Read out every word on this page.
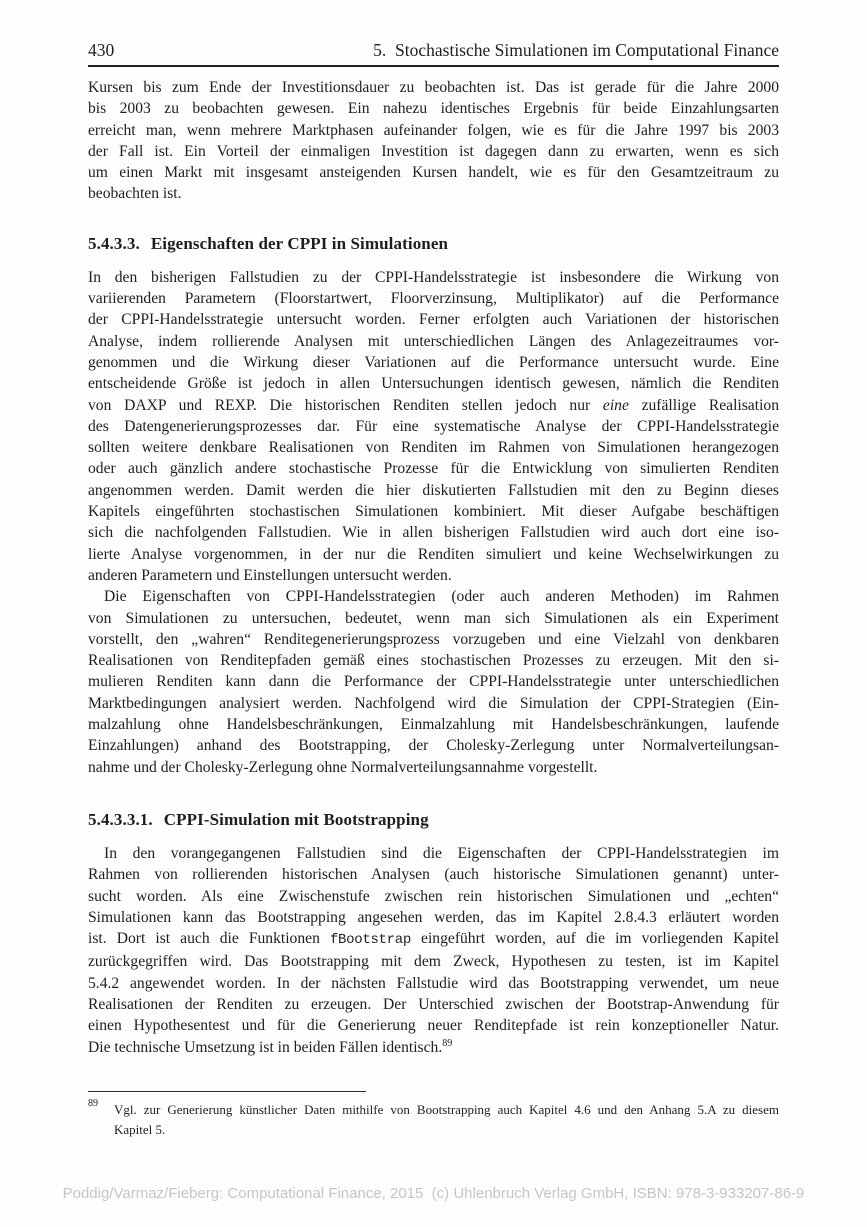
430	5.  Stochastische Simulationen im Computational Finance
Kursen bis zum Ende der Investitionsdauer zu beobachten ist. Das ist gerade für die Jahre 2000
bis 2003 zu beobachten gewesen. Ein nahezu identisches Ergebnis für beide Einzahlungsarten
erreicht man, wenn mehrere Marktphasen aufeinander folgen, wie es für die Jahre 1997 bis 2003
der Fall ist. Ein Vorteil der einmaligen Investition ist dagegen dann zu erwarten, wenn es sich
um einen Markt mit insgesamt ansteigenden Kursen handelt, wie es für den Gesamtzeitraum zu
beobachten ist.
5.4.3.3. Eigenschaften der CPPI in Simulationen
In den bisherigen Fallstudien zu der CPPI-Handelsstrategie ist insbesondere die Wirkung von
variierenden Parametern (Floorstartwert, Floorverzinsung, Multiplikator) auf die Performance
der CPPI-Handelsstrategie untersucht worden. Ferner erfolgten auch Variationen der historischen
Analyse, indem rollierende Analysen mit unterschiedlichen Längen des Anlagezeitraumes vor-
genommen und die Wirkung dieser Variationen auf die Performance untersucht wurde. Eine
entscheidende Größe ist jedoch in allen Untersuchungen identisch gewesen, nämlich die Renditen
von DAXP und REXP. Die historischen Renditen stellen jedoch nur eine zufällige Realisation
des Datengenerierungsprozesses dar. Für eine systematische Analyse der CPPI-Handelsstrategie
sollten weitere denkbare Realisationen von Renditen im Rahmen von Simulationen herangezogen
oder auch gänzlich andere stochastische Prozesse für die Entwicklung von simulierten Renditen
angenommen werden. Damit werden die hier diskutierten Fallstudien mit den zu Beginn dieses
Kapitels eingeführten stochastischen Simulationen kombiniert. Mit dieser Aufgabe beschäftigen
sich die nachfolgenden Fallstudien. Wie in allen bisherigen Fallstudien wird auch dort eine iso-
lierte Analyse vorgenommen, in der nur die Renditen simuliert und keine Wechselwirkungen zu
anderen Parametern und Einstellungen untersucht werden.
Die Eigenschaften von CPPI-Handelsstrategien (oder auch anderen Methoden) im Rahmen
von Simulationen zu untersuchen, bedeutet, wenn man sich Simulationen als ein Experiment
vorstellt, den „wahren“ Renditegenerierungsprozess vorzugeben und eine Vielzahl von denkbaren
Realisationen von Renditepfaden gemäß eines stochastischen Prozesses zu erzeugen. Mit den si-
mulieren Renditen kann dann die Performance der CPPI-Handelsstrategie unter unterschiedlichen
Marktbedingungen analysiert werden. Nachfolgend wird die Simulation der CPPI-Strategien (Ein-
malzahlung ohne Handelsbeschränkungen, Einmalzahlung mit Handelsbeschränkungen, laufende
Einzahlungen) anhand des Bootstrapping, der Cholesky-Zerlegung unter Normalverteilungsan-
nahme und der Cholesky-Zerlegung ohne Normalverteilungsannahme vorgestellt.
5.4.3.3.1. CPPI-Simulation mit Bootstrapping
In den vorangegangenen Fallstudien sind die Eigenschaften der CPPI-Handelsstrategien im
Rahmen von rollierenden historischen Analysen (auch historische Simulationen genannt) unter-
sucht worden. Als eine Zwischenstufe zwischen rein historischen Simulationen und „echten“
Simulationen kann das Bootstrapping angesehen werden, das im Kapitel 2.8.4.3 erläutert worden
ist. Dort ist auch die Funktionen fBootstrap eingeführt worden, auf die im vorliegenden Kapitel
zurückgegriffen wird. Das Bootstrapping mit dem Zweck, Hypothesen zu testen, ist im Kapitel
5.4.2 angewendet worden. In der nächsten Fallstudie wird das Bootstrapping verwendet, um neue
Realisationen der Renditen zu erzeugen. Der Unterschied zwischen der Bootstrap-Anwendung für
einen Hypothesentest und für die Generierung neuer Renditepfade ist rein konzeptioneller Natur.
Die technische Umsetzung ist in beiden Fällen identisch.$^{89}$
89 Vgl. zur Generierung künstlicher Daten mithilfe von Bootstrapping auch Kapitel 4.6 und den Anhang 5.A zu diesem
Kapitel 5.
Poddig/Varmaz/Fieberg: Computational Finance, 2015  (c) Uhlenbruch Verlag GmbH, ISBN: 978-3-933207-86-9
